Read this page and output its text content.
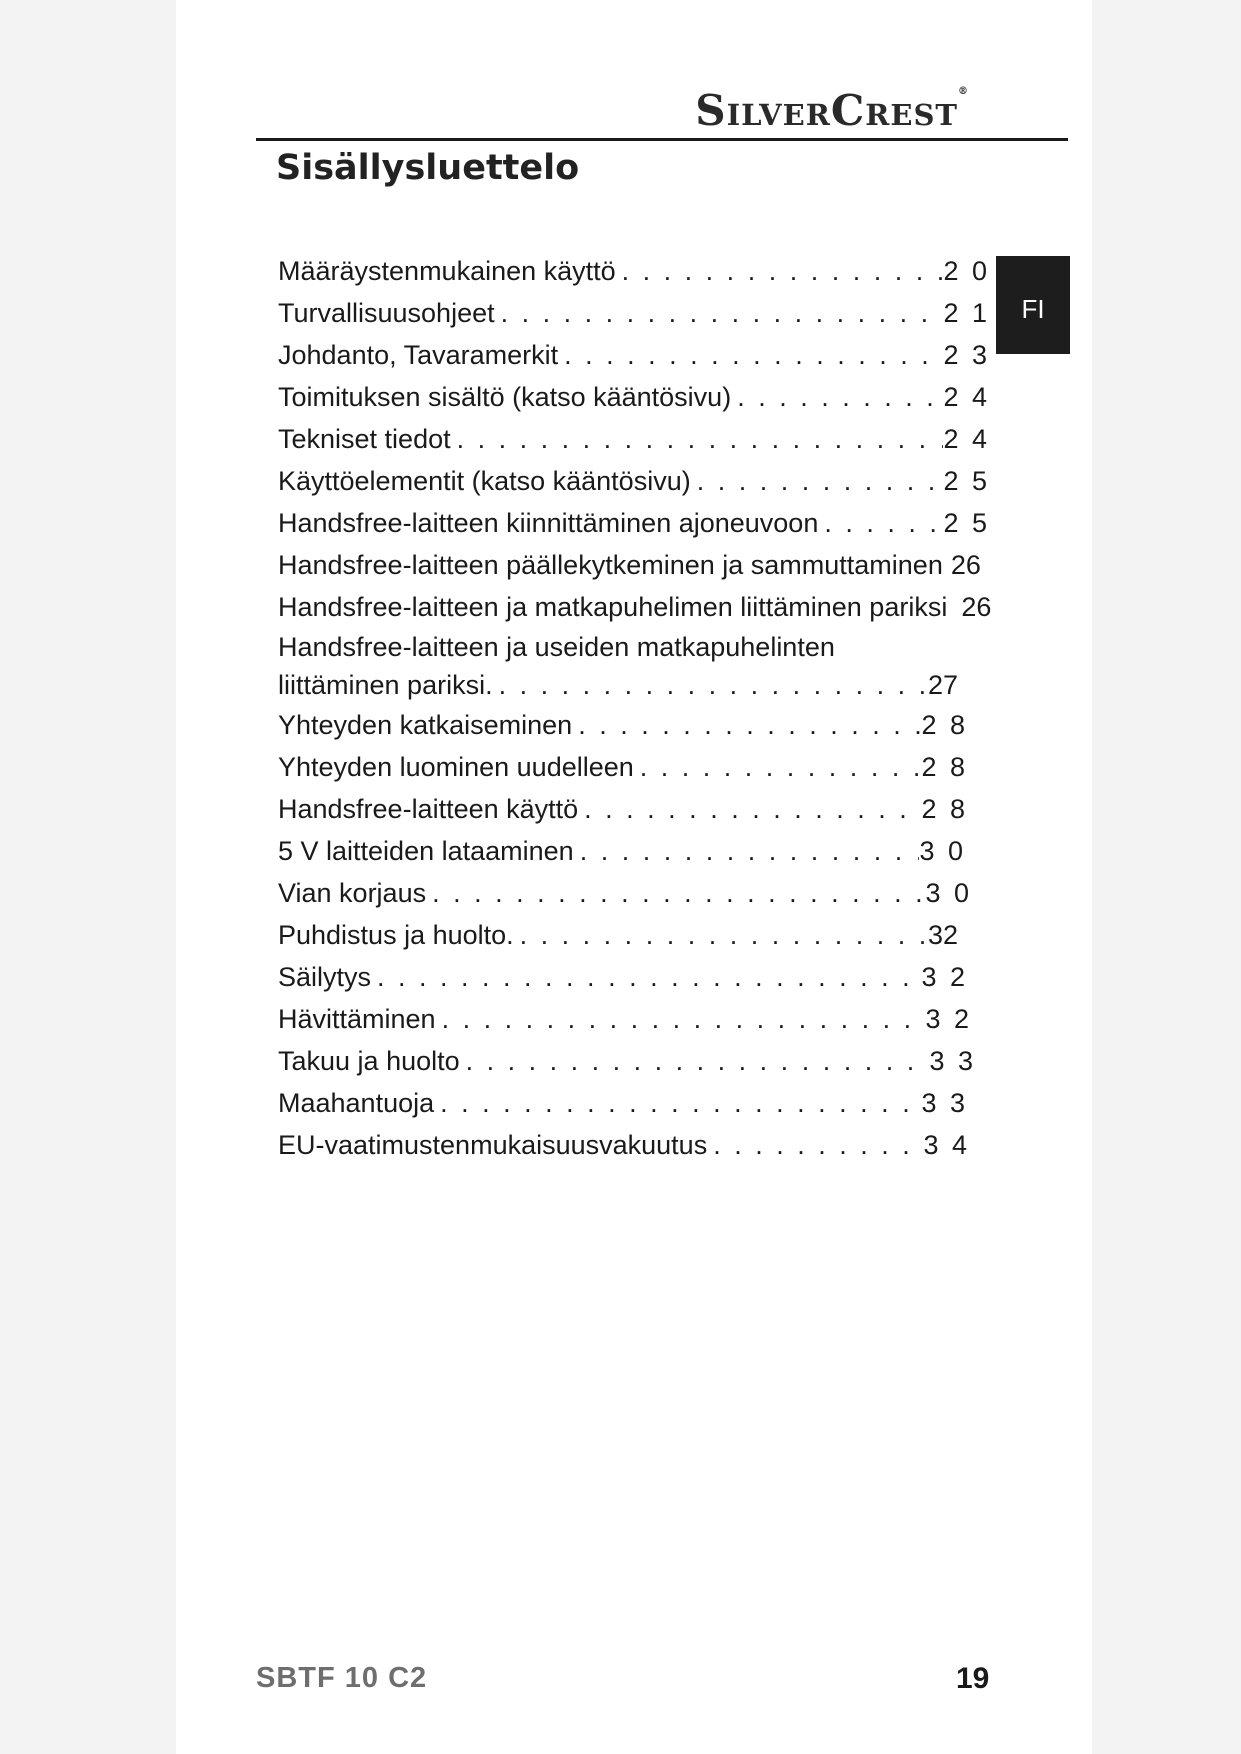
SilverCrest®
Sisällysluettelo
FI
Määräystenmukainen käyttö . . .	2 0
Turvallisuusohjeet . . .	2 1
Johdanto, Tavaramerkit . . .	2 3
Toimituksen sisältö (katso kääntösivu) . . .	2 4
Tekniset tiedot . . .	2 4
Käyttöelementit (katso kääntösivu) . . .	2 5
Handsfree-laitteen kiinnittäminen ajoneuvoon . . .	2 5
Handsfree-laitteen päällekytkeminen ja sammuttaminen 26
Handsfree-laitteen ja matkapuhelimen liittäminen pariksi 26
Handsfree-laitteen ja useiden matkapuhelinten
liittäminen pariksi. . . .	27
Yhteyden katkaiseminen . . .	2 8
Yhteyden luominen uudelleen . . .	2 8
Handsfree-laitteen käyttö . . .	2 8
5 V laitteiden lataaminen . . .	3 0
Vian korjaus . . .	3 0
Puhdistus ja huolto. . . .	32
Säilytys . . .	3 2
Hävittäminen . . .	3 2
Takuu ja huolto . . .	3 3
Maahantuoja . . .	3 3
EU-vaatimustenmukaisuusvakuutus . . .	3 4
SBTF 10 C2	19
